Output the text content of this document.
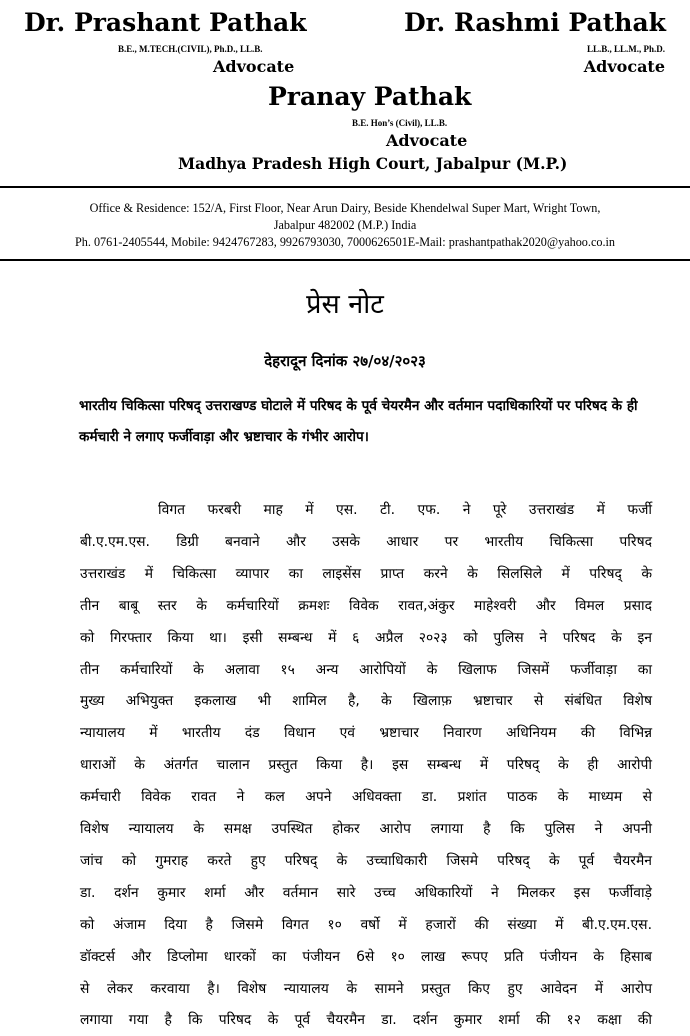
Dr. Prashant Pathak
B.E., M.TECH.(CIVIL), Ph.D., LL.B.
Advocate
Dr. Rashmi Pathak
LL.B., LL.M., Ph.D.
Advocate
Pranay Pathak
B.E. Hon’s (Civil), LL.B.
Advocate
Madhya Pradesh High Court, Jabalpur (M.P.)
Office & Residence: 152/A, First Floor, Near Arun Dairy, Beside Khendelwal Super Mart, Wright Town,
Jabalpur 482002 (M.P.) India
Ph. 0761-2405544, Mobile: 9424767283, 9926793030, 7000626501E-Mail: prashantpathak2020@yahoo.co.in
प्रेस नोट
देहरादून दिनांक २७/०४/२०२३
भारतीय चिकित्सा परिषद् उत्तराखण्ड घोटाले में परिषद के पूर्व चेयरमैन और वर्तमान पदाधिकारियों पर परिषद के ही कर्मचारी ने लगाए फर्जीवाड़ा और भ्रष्टाचार के गंभीर आरोप।
विगत फरबरी माह में एस. टी. एफ. ने पूरे उत्तराखंड में फर्जी
बी.ए.एम.एस. डिग्री बनवाने और उसके आधार पर भारतीय चिकित्सा परिषद
उत्तराखंड में चिकित्सा व्यापार का लाइसेंस प्राप्त करने के सिलसिले में परिषद् के
तीन बाबू स्तर के कर्मचारियों क्रमशः विवेक रावत,अंकुर माहेश्वरी और विमल प्रसाद
को गिरफ्तार किया था। इसी सम्बन्ध में ६ अप्रैल २०२३ को पुलिस ने परिषद के इन
तीन कर्मचारियों के अलावा १५ अन्य आरोपियों के खिलाफ जिसमें फर्जीवाड़ा का
मुख्य अभियुक्त इकलाख भी शामिल है, के खिलाफ़ भ्रष्टाचार से संबंधित विशेष
न्यायालय में भारतीय दंड विधान एवं भ्रष्टाचार निवारण अधिनियम की विभिन्न
धाराओं के अंतर्गत चालान प्रस्तुत किया है। इस सम्बन्ध में परिषद् के ही आरोपी
कर्मचारी विवेक रावत ने कल अपने अधिवक्ता डा. प्रशांत पाठक के माध्यम से
विशेष न्यायालय के समक्ष उपस्थित होकर आरोप लगाया है कि पुलिस ने अपनी
जांच को गुमराह करते हुए परिषद् के उच्चाधिकारी जिसमे परिषद् के पूर्व चैयरमैन
डा. दर्शन कुमार शर्मा और वर्तमान सारे उच्च अधिकारियों ने मिलकर इस फर्जीवाड़े
को अंजाम दिया है जिसमे विगत १० वर्षो में हजारों की संख्या में बी.ए.एम.एस.
डॉक्टर्स और डिप्लोमा धारकों का पंजीयन 6से १० लाख रूपए प्रति पंजीयन के हिसाब
से लेकर करवाया है। विशेष न्यायालय के सामने प्रस्तुत किए हुए आवेदन में आरोप
लगाया गया है कि परिषद के पूर्व चैयरमैन डा. दर्शन कुमार शर्मा की १२ कक्षा की
